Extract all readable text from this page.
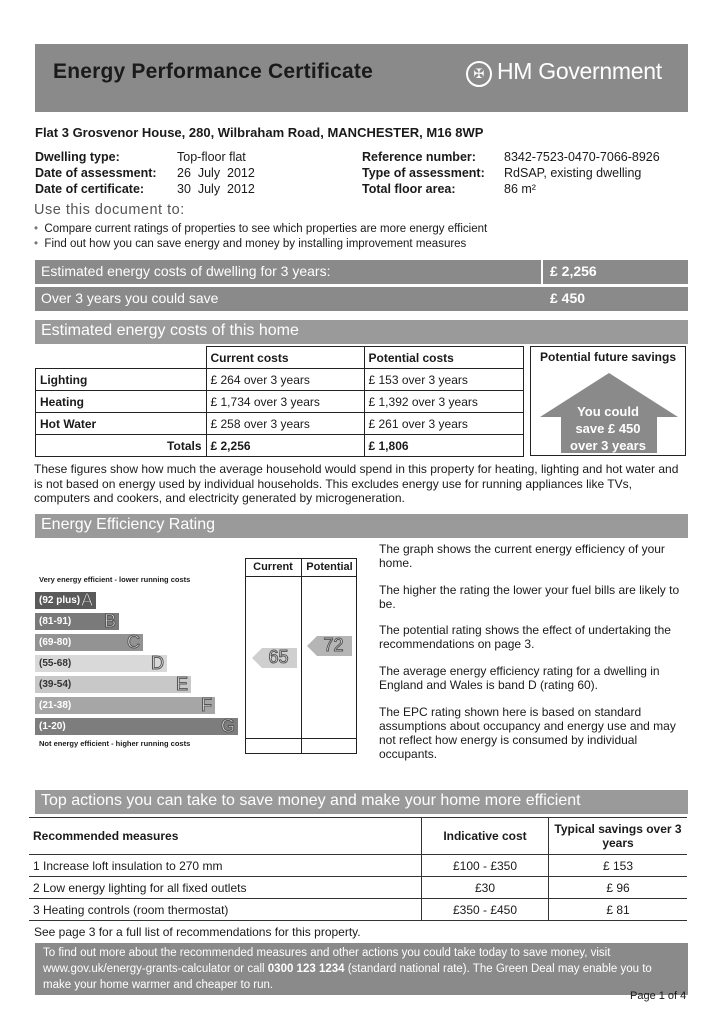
Energy Performance Certificate	✠ HM Government
Flat 3 Grosvenor House, 280, Wilbraham Road, MANCHESTER, M16 8WP
Dwelling type:	Top-floor flat
Date of assessment: 26  July  2012
Date of certificate:	30  July  2012
Reference number: 8342-7523-0470-7066-8926
Type of assessment: RdSAP, existing dwelling
Total floor area:	86 m²
Use this document to:
• Compare current ratings of properties to see which properties are more energy efficient
• Find out how you can save energy and money by installing improvement measures
Estimated energy costs of dwelling for 3 years:	£ 2,256
Over 3 years you could save	£ 450
Estimated energy costs of this home
	Current costs	Potential costs
Lighting	£ 264 over 3 years	£ 153 over 3 years
Heating	£ 1,734 over 3 years	£ 1,392 over 3 years
Hot Water	£ 258 over 3 years	£ 261 over 3 years
Totals	£ 2,256	£ 1,806
Potential future savings
You could
save £ 450
over 3 years
These figures show how much the average household would spend in this property for heating, lighting and hot water and is not based on energy used by individual households. This excludes energy use for running appliances like TVs, computers and cookers, and electricity generated by microgeneration.
Energy Efficiency Rating
Current	Potential
Very energy efficient - lower running costs
Not energy efficient - higher running costs
(92 plus) A
(81-91) B
(69-80)	C
(55-68)	D
(39-54)	E
(21-38)	F
(1-20)	G
65
72
The graph shows the current energy efficiency of your home.
The higher the rating the lower your fuel bills are likely to be.
The potential rating shows the effect of undertaking the recommendations on page 3.
The average energy efficiency rating for a dwelling in England and Wales is band D (rating 60).
The EPC rating shown here is based on standard assumptions about occupancy and energy use and may not reflect how energy is consumed by individual occupants.
Top actions you can take to save money and make your home more efficient
Recommended measures	Indicative cost	Typical savings over 3 years
1 Increase loft insulation to 270 mm	£100 - £350	£ 153
2 Low energy lighting for all fixed outlets	£30	£ 96
3 Heating controls (room thermostat)	£350 - £450	£ 81
See page 3 for a full list of recommendations for this property.
To find out more about the recommended measures and other actions you could take today to save money, visit
www.gov.uk/energy-grants-calculator or call 0300 123 1234 (standard national rate). The Green Deal may enable you to
make your home warmer and cheaper to run.
Page 1 of 4
